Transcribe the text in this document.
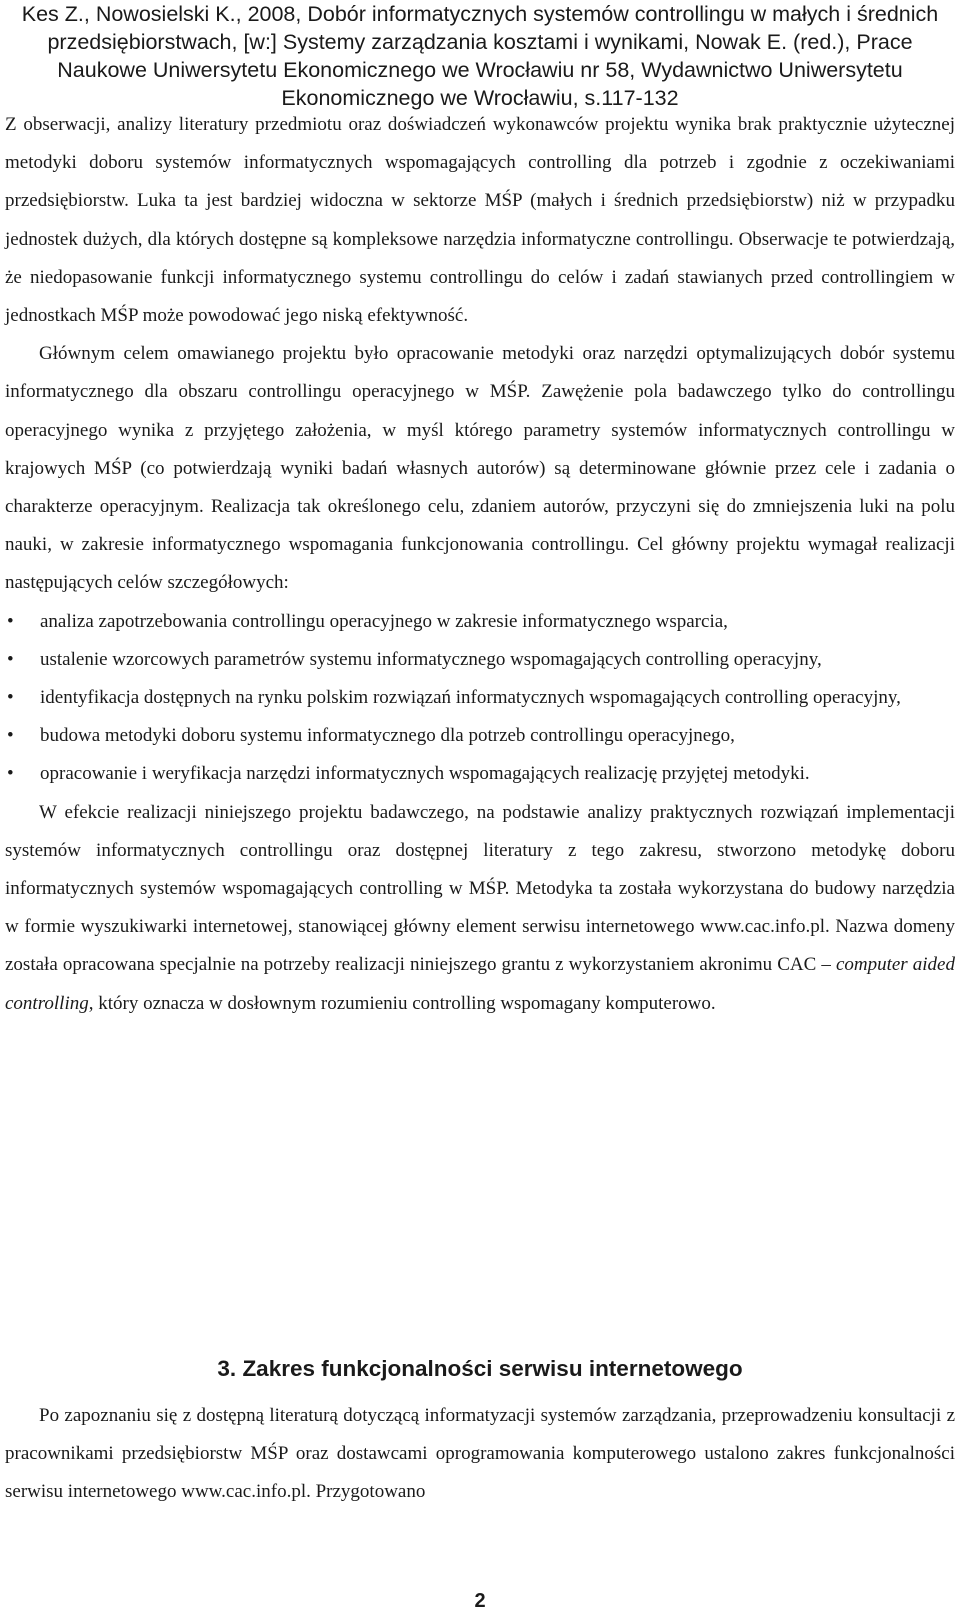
Kes Z., Nowosielski K., 2008, Dobór informatycznych systemów controllingu w małych i średnich przedsiębiorstwach, [w:] Systemy zarządzania kosztami i wynikami, Nowak E. (red.), Prace Naukowe Uniwersytetu Ekonomicznego we Wrocławiu nr 58, Wydawnictwo Uniwersytetu Ekonomicznego we Wrocławiu, s.117-132

Z obserwacji, analizy literatury przedmiotu oraz doświadczeń wykonawców projektu wynika brak praktycznie użytecznej metodyki doboru systemów informatycznych wspomagających controlling dla potrzeb i zgodnie z oczekiwaniami przedsiębiorstw. Luka ta jest bardziej widoczna w sektorze MŚP (małych i średnich przedsiębiorstw) niż w przypadku jednostek dużych, dla których dostępne są kompleksowe narzędzia informatyczne controllingu. Obserwacje te potwierdzają, że niedopasowanie funkcji informatycznego systemu controllingu do celów i zadań stawianych przed controllingiem w jednostkach MŚP może powodować jego niską efektywność.

Głównym celem omawianego projektu było opracowanie metodyki oraz narzędzi optymalizujących dobór systemu informatycznego dla obszaru controllingu operacyjnego w MŚP. Zawężenie pola badawczego tylko do controllingu operacyjnego wynika z przyjętego założenia, w myśl którego parametry systemów informatycznych controllingu w krajowych MŚP (co potwierdzają wyniki badań własnych autorów) są determinowane głównie przez cele i zadania o charakterze operacyjnym. Realizacja tak określonego celu, zdaniem autorów, przyczyni się do zmniejszenia luki na polu nauki, w zakresie informatycznego wspomagania funkcjonowania controllingu. Cel główny projektu wymagał realizacji następujących celów szczegółowych:

• analiza zapotrzebowania controllingu operacyjnego w zakresie informatycznego wsparcia,
• ustalenie wzorcowych parametrów systemu informatycznego wspomagających controlling operacyjny,
• identyfikacja dostępnych na rynku polskim rozwiązań informatycznych wspomagających controlling operacyjny,
• budowa metodyki doboru systemu informatycznego dla potrzeb controllingu operacyjnego,
• opracowanie i weryfikacja narzędzi informatycznych wspomagających realizację przyjętej metodyki.

W efekcie realizacji niniejszego projektu badawczego, na podstawie analizy praktycznych rozwiązań implementacji systemów informatycznych controllingu oraz dostępnej literatury z tego zakresu, stworzono metodykę doboru informatycznych systemów wspomagających controlling w MŚP. Metodyka ta została wykorzystana do budowy narzędzia w formie wyszukiwarki internetowej, stanowiącej główny element serwisu internetowego www.cac.info.pl. Nazwa domeny została opracowana specjalnie na potrzeby realizacji niniejszego grantu z wykorzystaniem akronimu CAC – computer aided controlling, który oznacza w dosłownym rozumieniu controlling wspomagany komputerowo.

3. Zakres funkcjonalności serwisu internetowego

Po zapoznaniu się z dostępną literaturą dotyczącą informatyzacji systemów zarządzania, przeprowadzeniu konsultacji z pracownikami przedsiębiorstw MŚP oraz dostawcami oprogramowania komputerowego ustalono zakres funkcjonalności serwisu internetowego www.cac.info.pl. Przygotowano

2
